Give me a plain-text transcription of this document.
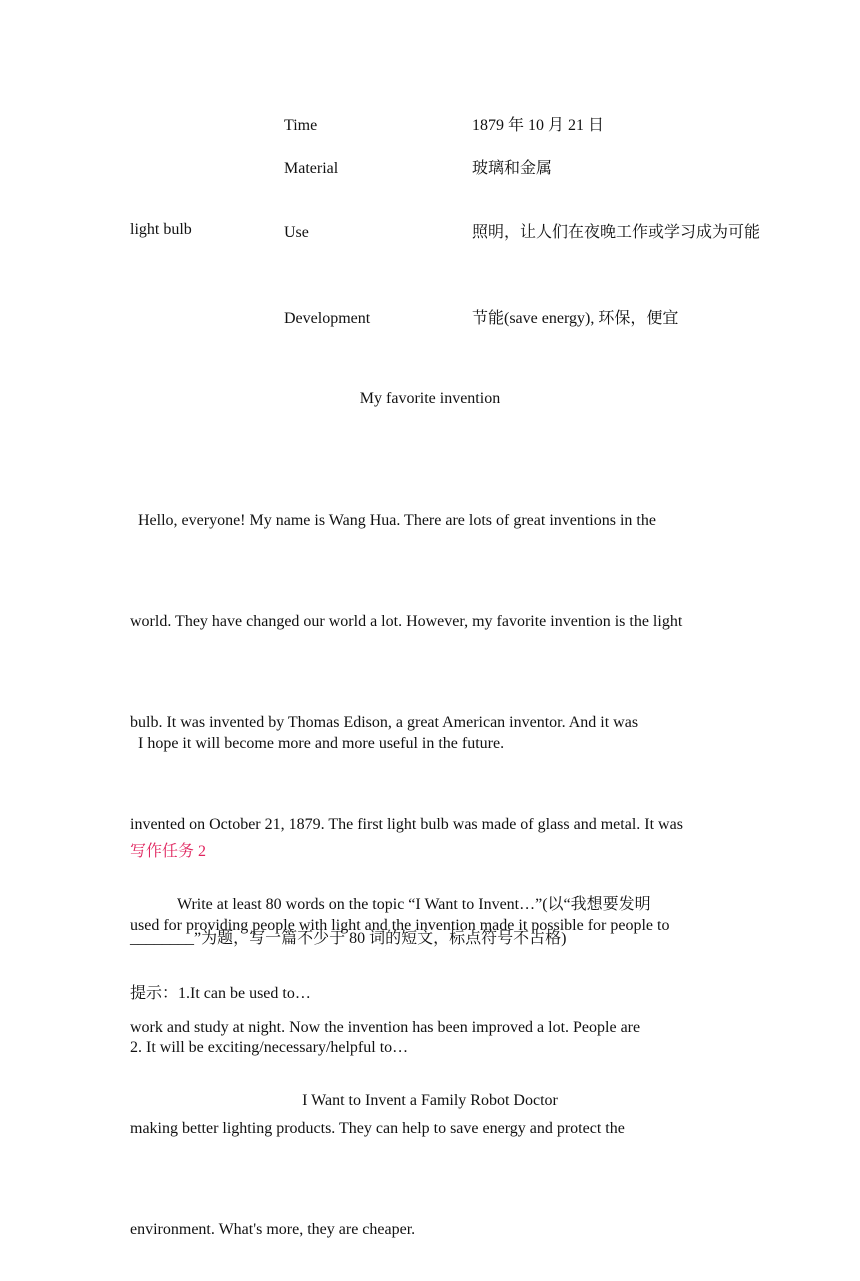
light bulb
Time	1879 年 10 月 21 日
Material	玻璃和金属
Use	照明，让人们在夜晚工作或学习成为可能
Development	节能(save energy), 环保，便宜
My favorite invention

Hello, everyone! My name is Wang Hua. There are lots of great inventions in the

world. They have changed our world a lot. However, my favorite invention is the light

bulb. It was invented by Thomas Edison, a great American inventor. And it was

invented on October 21, 1879. The first light bulb was made of glass and metal. It was

used for providing people with light and the invention made it possible for people to

work and study at night. Now the invention has been improved a lot. People are

making better lighting products. They can help to save energy and protect the

environment. What's more, they are cheaper.

I hope it will become more and more useful in the future.
写作任务 2
Write at least 80 words on the topic “I Want to Invent…”(以“我想要发明
________”为题，写一篇不少于 80 词的短文，标点符号不占格)
提示：1.It can be used to…
2. It will be exciting/necessary/helpful to…
I Want to Invent a Family Robot Doctor
